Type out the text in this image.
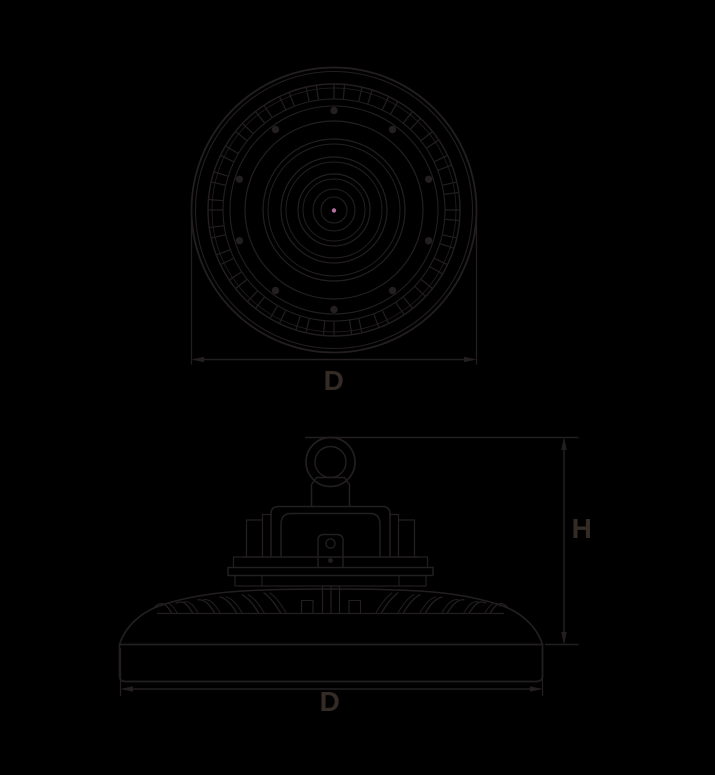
D
H
D
